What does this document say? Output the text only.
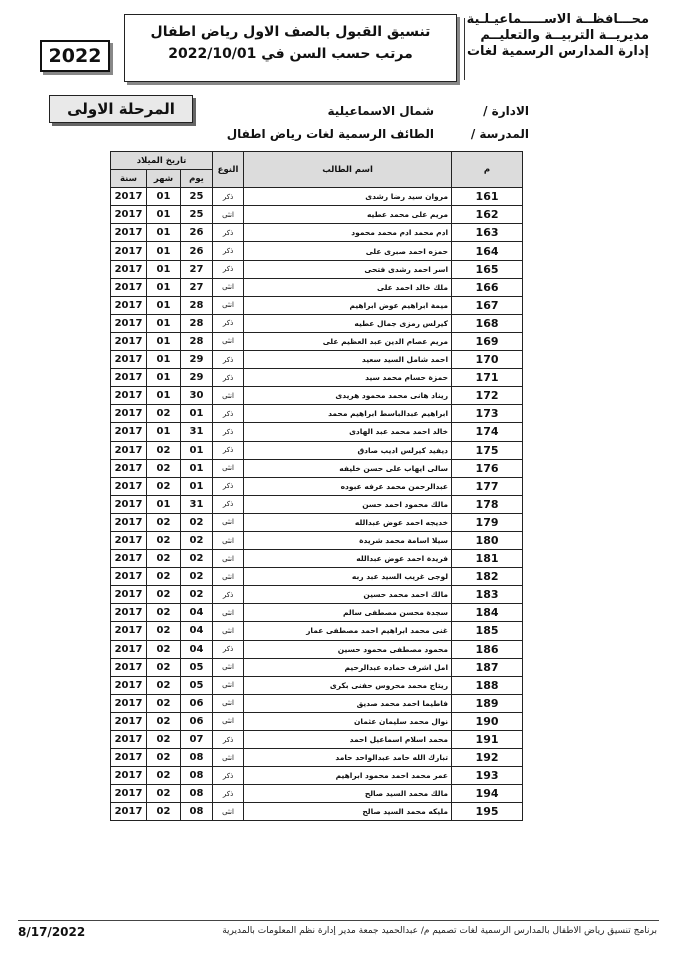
محـــافظــة الاســـــماعيـلـية
مديريــة التربيــة والتعليــم
إدارة المدارس الرسمية لغات
تنسيق القبول بالصف الاول رياض اطفال
مرتب حسب السن في 2022/10/01
2022
المرحلة الاولى	الادارة /
شمال الاسماعيلية
المدرسة /
الطائف الرسمية لغات رياض اطفال
تاريخ الميلاد			النوع	اسم الطالب	م
سنة	شهر	يوم			
2017	01	25	ذكر	مروان سيد رضا رشدى	161
2017	01	25	انثى	مريم على محمد عطيه	162
2017	01	26	ذكر	ادم محمد ادم محمد محمود	163
2017	01	26	ذكر	حمزه احمد صبرى على	164
2017	01	27	ذكر	اسر احمد رشدى فتحى	165
2017	01	27	انثى	ملك خالد احمد على	166
2017	01	28	انثى	ميمة ابراهيم عوض ابراهيم	167
2017	01	28	ذكر	كيرلس رمزى جمال عطيه	168
2017	01	28	انثى	مريم عصام الدين عبد العظيم على	169
2017	01	29	ذكر	احمد شامل السيد سعيد	170
2017	01	29	ذكر	حمزة حسام محمد سيد	171
2017	01	30	انثى	ريناد هانى محمد محمود هريدى	172
2017	02	01	ذكر	ابراهيم عبدالباسط ابراهيم محمد	173
2017	01	31	ذكر	خالد احمد محمد عبد الهادى	174
2017	02	01	ذكر	ديفيد كيرلس اديب صادق	175
2017	02	01	انثى	سالى ايهاب على حسن خليفه	176
2017	02	01	ذكر	عبدالرحمن محمد عرفه عبوده	177
2017	01	31	ذكر	مالك محمود احمد حسن	178
2017	02	02	انثى	خديجه احمد عوض عبدالله	179
2017	02	02	انثى	سيلا اسامة محمد شريدة	180
2017	02	02	انثى	فريدة احمد عوض عبدالله	181
2017	02	02	انثى	لوجى غريب السيد عبد ربه	182
2017	02	02	ذكر	مالك احمد محمد حسين	183
2017	02	04	انثى	سجدة محسن مصطفى سالم	184
2017	02	04	انثى	غنى محمد ابراهيم احمد مصطفى عمار	185
2017	02	04	ذكر	محمود مصطفى محمود حسين	186
2017	02	05	انثى	امل اشرف حماده عبدالرحيم	187
2017	02	05	انثى	ريتاج محمد محروس حفنى بكرى	188
2017	02	06	انثى	فاطيما احمد محمد صديق	189
2017	02	06	انثى	نوال محمد سليمان عثمان	190
2017	02	07	ذكر	محمد اسلام اسماعيل احمد	191
2017	02	08	انثى	تبارك الله حامد عبدالواحد حامد	192
2017	02	08	ذكر	عمر محمد احمد محمود ابراهيم	193
2017	02	08	ذكر	مالك محمد السيد صالح	194
2017	02	08	انثى	مليكه محمد السيد صالح	195
8/17/2022	برنامج تنسيق رياض الاطفال بالمدارس الرسمية لغات تصميم م/ عبدالحميد جمعة مدير إدارة نظم المعلومات بالمديرية
